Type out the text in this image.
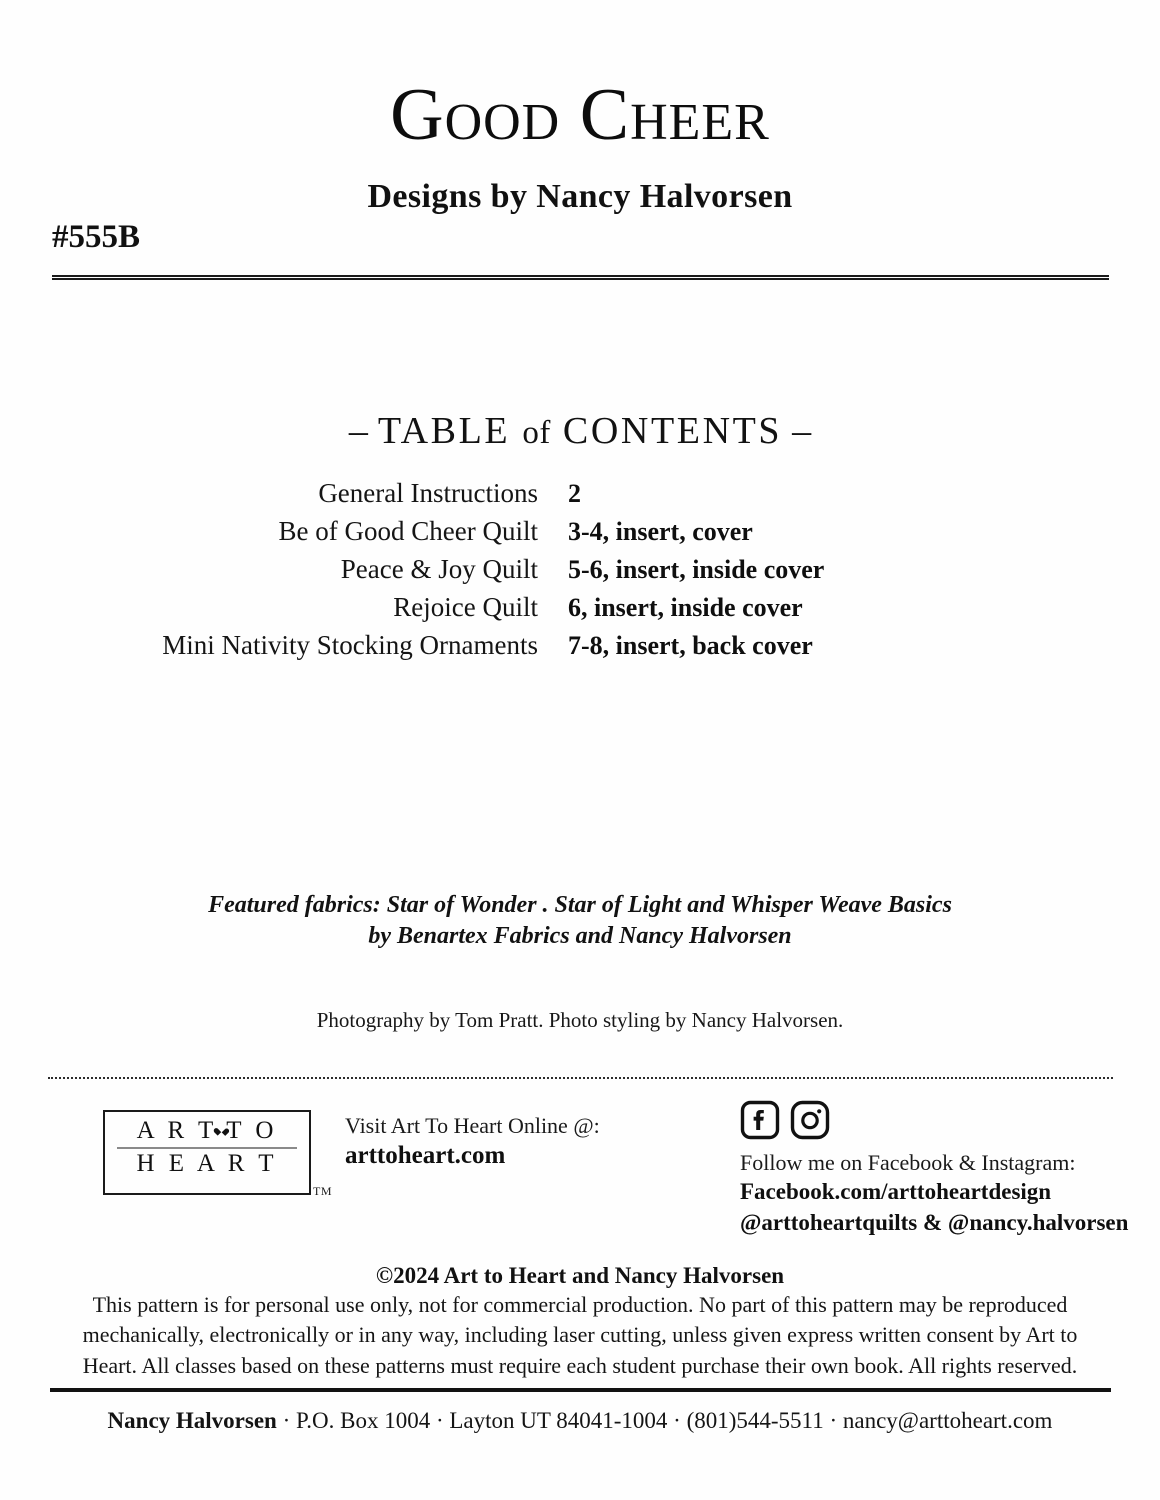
Good Cheer
Designs by Nancy Halvorsen
#555B
– TABLE of CONTENTS –
General Instructions	2
Be of Good Cheer Quilt	3-4, insert, cover
Peace & Joy Quilt	5-6, insert, inside cover
Rejoice Quilt	6, insert, inside cover
Mini Nativity Stocking Ornaments	7-8, insert, back cover
Featured fabrics: Star of Wonder . Star of Light and Whisper Weave Basics
by Benartex Fabrics and Nancy Halvorsen
Photography by Tom Pratt. Photo styling by Nancy Halvorsen.
A R T T O
H E A R T
TM
Visit Art To Heart Online @:
arttoheart.com	Follow me on Facebook & Instagram:
Facebook.com/arttoheartdesign
@arttoheartquilts & @nancy.halvorsen
©2024 Art to Heart and Nancy Halvorsen
This pattern is for personal use only, not for commercial production. No part of this pattern may be reproduced mechanically, electronically or in any way, including laser cutting, unless given express written consent by Art to Heart. All classes based on these patterns must require each student purchase their own book. All rights reserved.
Nancy Halvorsen · P.O. Box 1004 · Layton UT 84041-1004 · (801)544-5511 · nancy@arttoheart.com
